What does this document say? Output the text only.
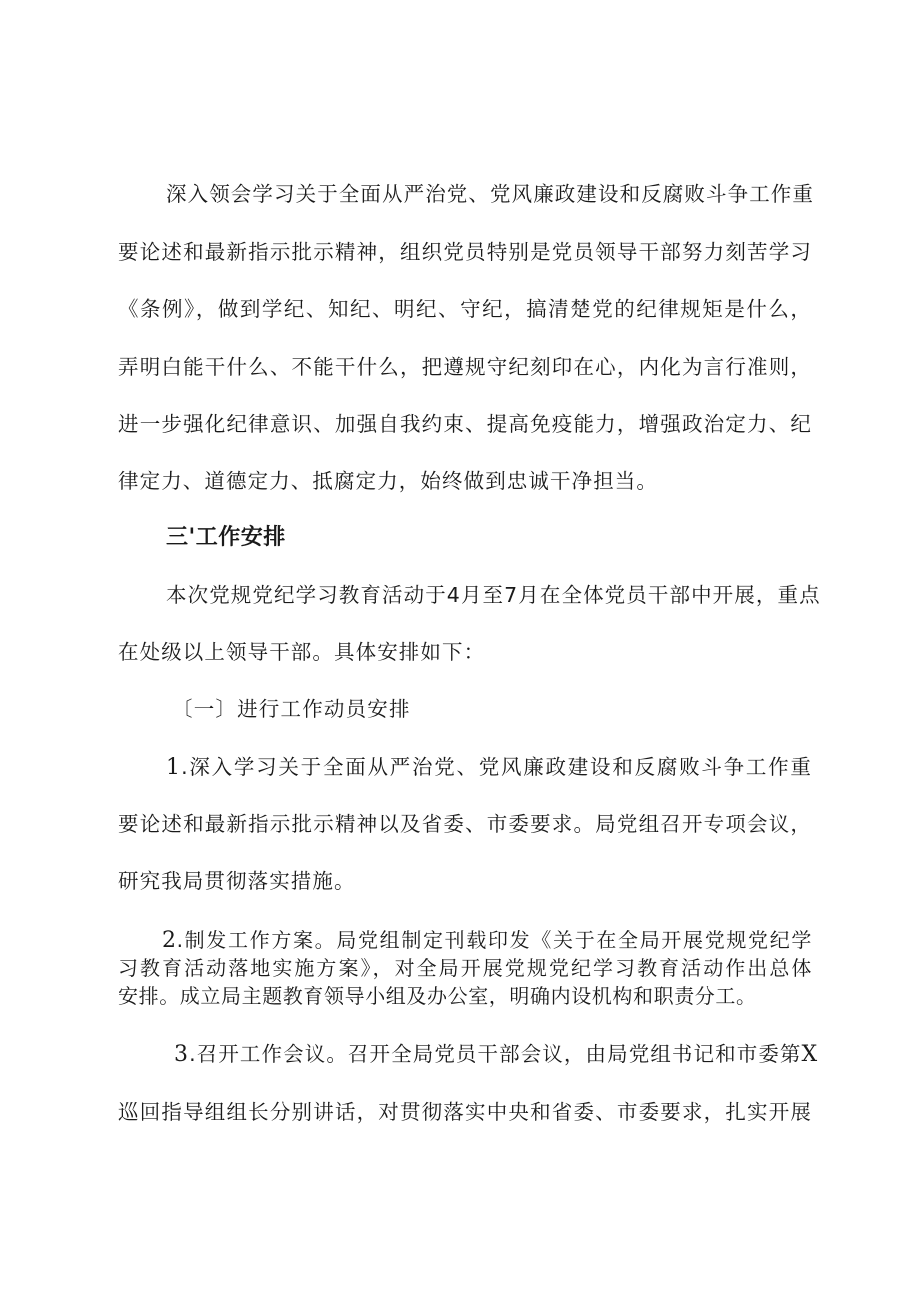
深入领会学习关于全面从严治党、党风廉政建设和反腐败斗争工作重
要论述和最新指示批示精神，组织党员特别是党员领导干部努力刻苦学习
《条例》，做到学纪、知纪、明纪、守纪，搞清楚党的纪律规矩是什么，
弄明白能干什么、不能干什么，把遵规守纪刻印在心，内化为言行准则，
进一步强化纪律意识、加强自我约束、提高免疫能力，增强政治定力、纪
律定力、道德定力、抵腐定力，始终做到忠诚干净担当。
三'工作安排
本次党规党纪学习教育活动于4月至7月在全体党员干部中开展，重点
在处级以上领导干部。具体安排如下：
〔一〕进行工作动员安排
1.深入学习关于全面从严治党、党风廉政建设和反腐败斗争工作重
要论述和最新指示批示精神以及省委、市委要求。局党组召开专项会议，
研究我局贯彻落实措施。
2.制发工作方案。局党组制定刊载印发《关于在全局开展党规党纪学
习教育活动落地实施方案》，对全局开展党规党纪学习教育活动作出总体
安排。成立局主题教育领导小组及办公室，明确内设机构和职责分工。
3.召开工作会议。召开全局党员干部会议，由局党组书记和市委第X
巡回指导组组长分别讲话，对贯彻落实中央和省委、市委要求，扎实开展
